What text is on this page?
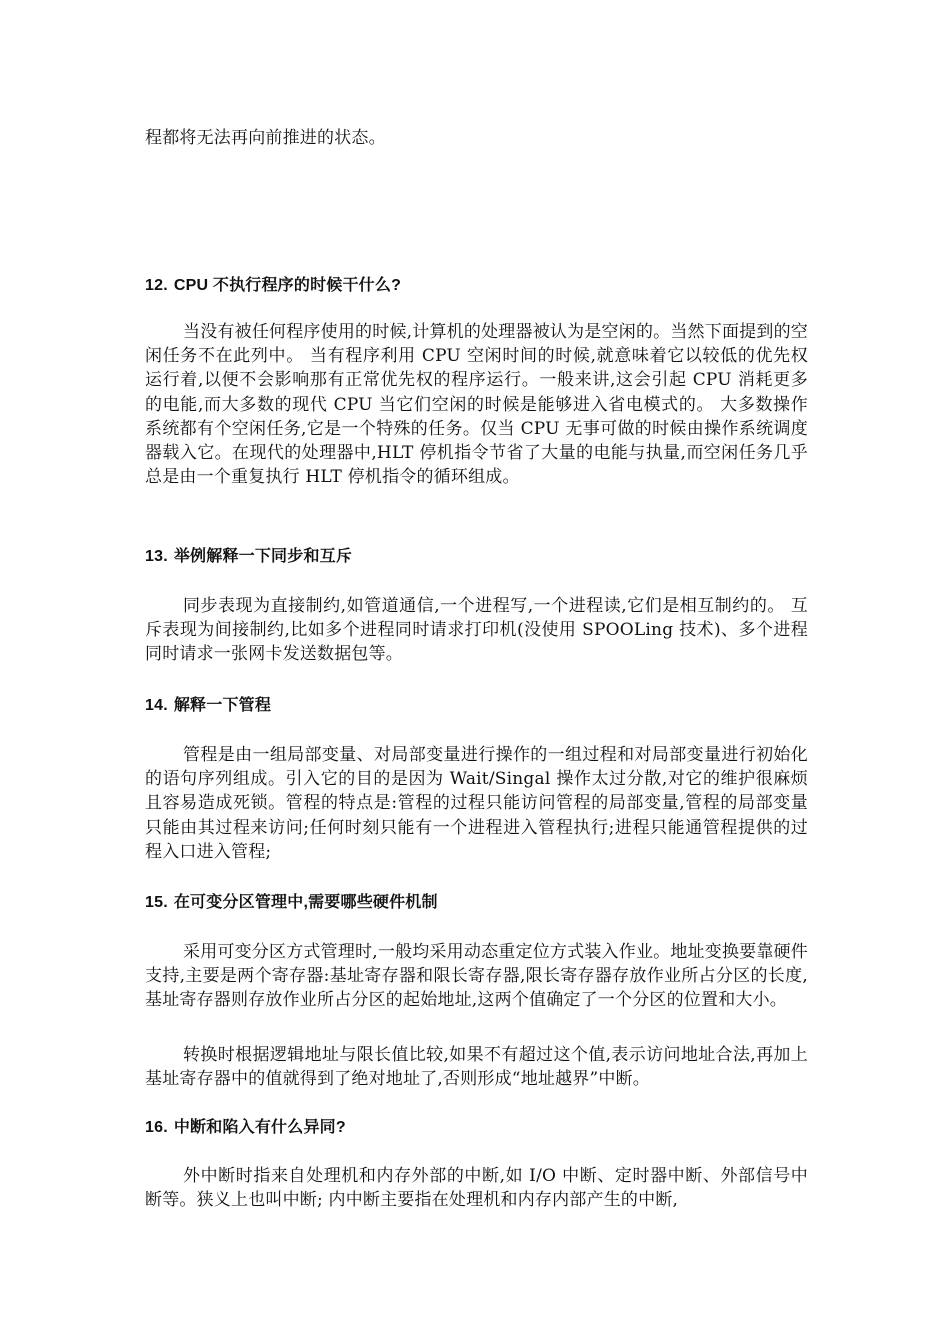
程都将无法再向前推进的状态。

12. CPU 不执行程序的时候干什么?

当没有被任何程序使用的时候,计算机的处理器被认为是空闲的。当然下面提到的空闲任务不在此列中。 当有程序利用 CPU 空闲时间的时候,就意味着它以较低的优先权运行着,以便不会影响那有正常优先权的程序运行。一般来讲,这会引起 CPU 消耗更多的电能,而大多数的现代 CPU 当它们空闲的时候是能够进入省电模式的。 大多数操作系统都有个空闲任务,它是一个特殊的任务。仅当 CPU 无事可做的时候由操作系统调度器载入它。在现代的处理器中,HLT 停机指令节省了大量的电能与执量,而空闲任务几乎总是由一个重复执行 HLT 停机指令的循环组成。

13. 举例解释一下同步和互斥

同步表现为直接制约,如管道通信,一个进程写,一个进程读,它们是相互制约的。 互斥表现为间接制约,比如多个进程同时请求打印机(没使用 SPOOLing 技术)、多个进程同时请求一张网卡发送数据包等。

14. 解释一下管程

管程是由一组局部变量、对局部变量进行操作的一组过程和对局部变量进行初始化的语句序列组成。引入它的目的是因为 Wait/Singal 操作太过分散,对它的维护很麻烦且容易造成死锁。管程的特点是:管程的过程只能访问管程的局部变量,管程的局部变量只能由其过程来访问;任何时刻只能有一个进程进入管程执行;进程只能通管程提供的过程入口进入管程;

15. 在可变分区管理中,需要哪些硬件机制

采用可变分区方式管理时,一般均采用动态重定位方式装入作业。地址变换要靠硬件支持,主要是两个寄存器:基址寄存器和限长寄存器,限长寄存器存放作业所占分区的长度,基址寄存器则存放作业所占分区的起始地址,这两个值确定了一个分区的位置和大小。

转换时根据逻辑地址与限长值比较,如果不有超过这个值,表示访问地址合法,再加上基址寄存器中的值就得到了绝对地址了,否则形成“地址越界”中断。

16. 中断和陷入有什么异同?

外中断时指来自处理机和内存外部的中断,如 I/O 中断、定时器中断、外部信号中断等。狭义上也叫中断; 内中断主要指在处理机和内存内部产生的中断,
